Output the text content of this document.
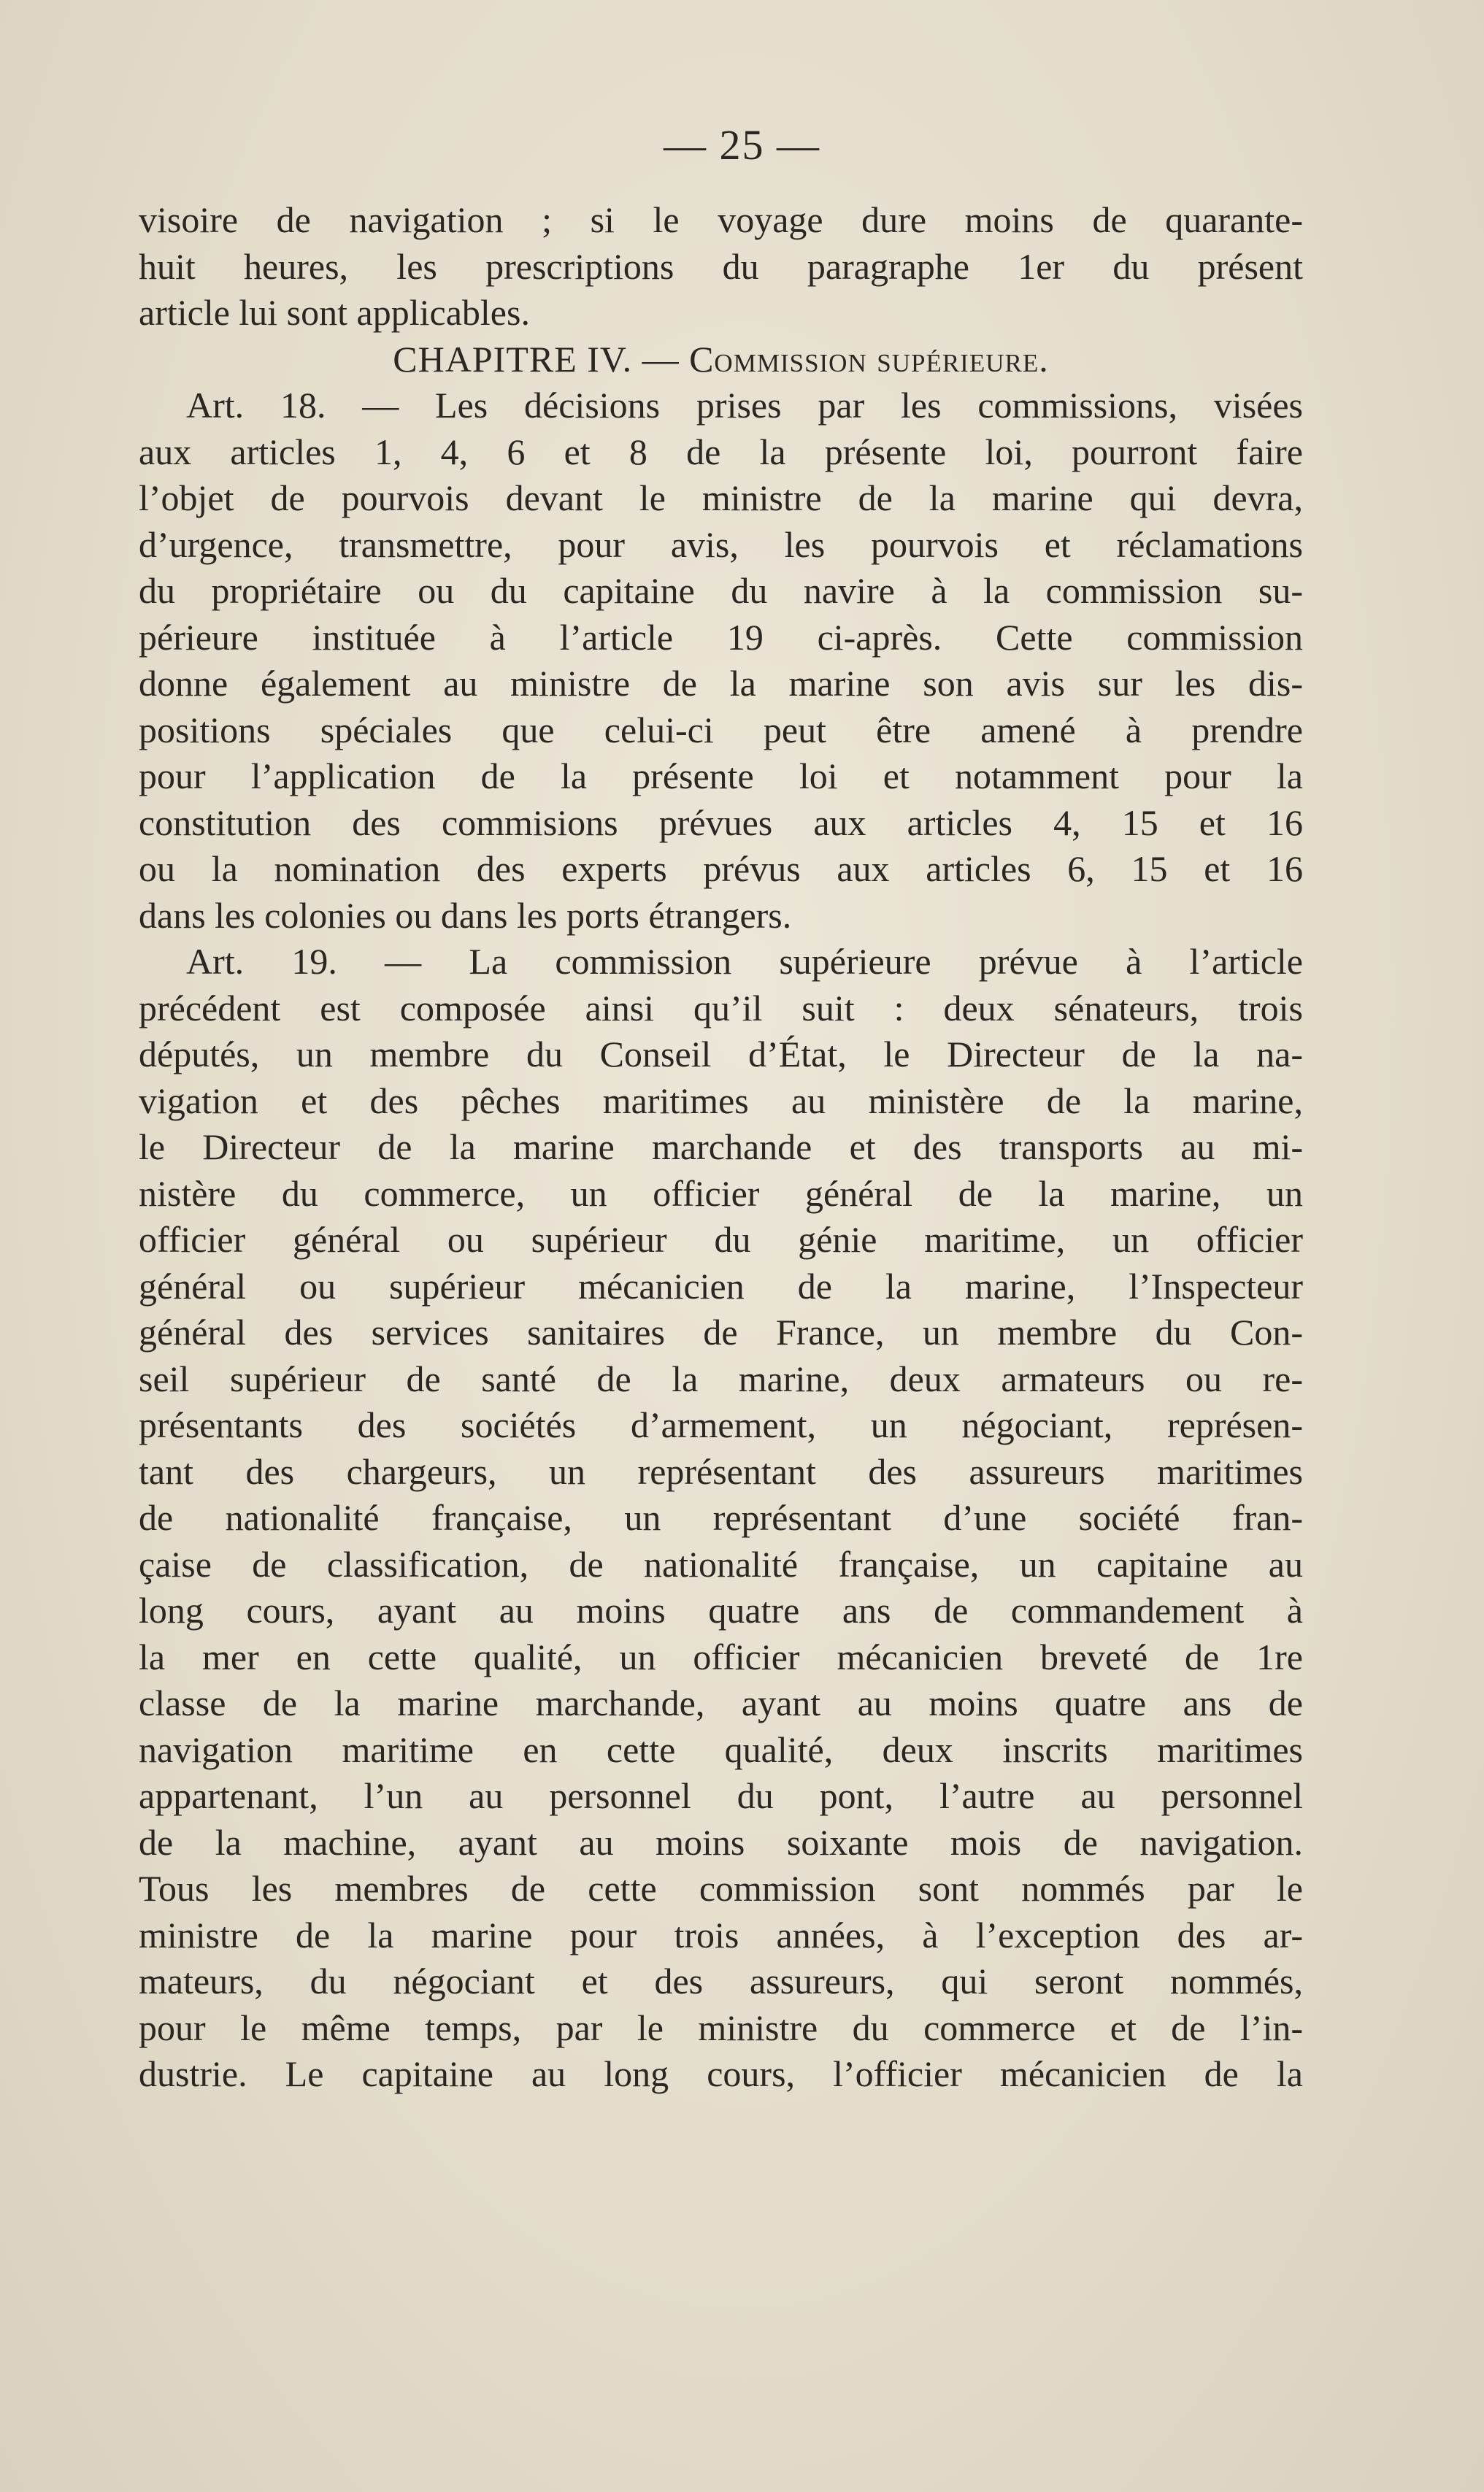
— 25 —
visoire de navigation ; si le voyage dure moins de quarante-
huit heures, les prescriptions du paragraphe 1er du présent
article lui sont applicables.
CHAPITRE IV. — Commission supérieure.
Art. 18. — Les décisions prises par les commissions, visées
aux articles 1, 4, 6 et 8 de la présente loi, pourront faire
l’objet de pourvois devant le ministre de la marine qui devra,
d’urgence, transmettre, pour avis, les pourvois et réclamations
du propriétaire ou du capitaine du navire à la commission su-
périeure instituée à l’article 19 ci-après. Cette commission
donne également au ministre de la marine son avis sur les dis-
positions spéciales que celui-ci peut être amené à prendre
pour l’application de la présente loi et notamment pour la
constitution des commisions prévues aux articles 4, 15 et 16
ou la nomination des experts prévus aux articles 6, 15 et 16
dans les colonies ou dans les ports étrangers.
Art. 19. — La commission supérieure prévue à l’article
précédent est composée ainsi qu’il suit : deux sénateurs, trois
députés, un membre du Conseil d’État, le Directeur de la na-
vigation et des pêches maritimes au ministère de la marine,
le Directeur de la marine marchande et des transports au mi-
nistère du commerce, un officier général de la marine, un
officier général ou supérieur du génie maritime, un officier
général ou supérieur mécanicien de la marine, l’Inspecteur
général des services sanitaires de France, un membre du Con-
seil supérieur de santé de la marine, deux armateurs ou re-
présentants des sociétés d’armement, un négociant, représen-
tant des chargeurs, un représentant des assureurs maritimes
de nationalité française, un représentant d’une société fran-
çaise de classification, de nationalité française, un capitaine au
long cours, ayant au moins quatre ans de commandement à
la mer en cette qualité, un officier mécanicien breveté de 1re
classe de la marine marchande, ayant au moins quatre ans de
navigation maritime en cette qualité, deux inscrits maritimes
appartenant, l’un au personnel du pont, l’autre au personnel
de la machine, ayant au moins soixante mois de navigation.
Tous les membres de cette commission sont nommés par le
ministre de la marine pour trois années, à l’exception des ar-
mateurs, du négociant et des assureurs, qui seront nommés,
pour le même temps, par le ministre du commerce et de l’in-
dustrie. Le capitaine au long cours, l’officier mécanicien de la
